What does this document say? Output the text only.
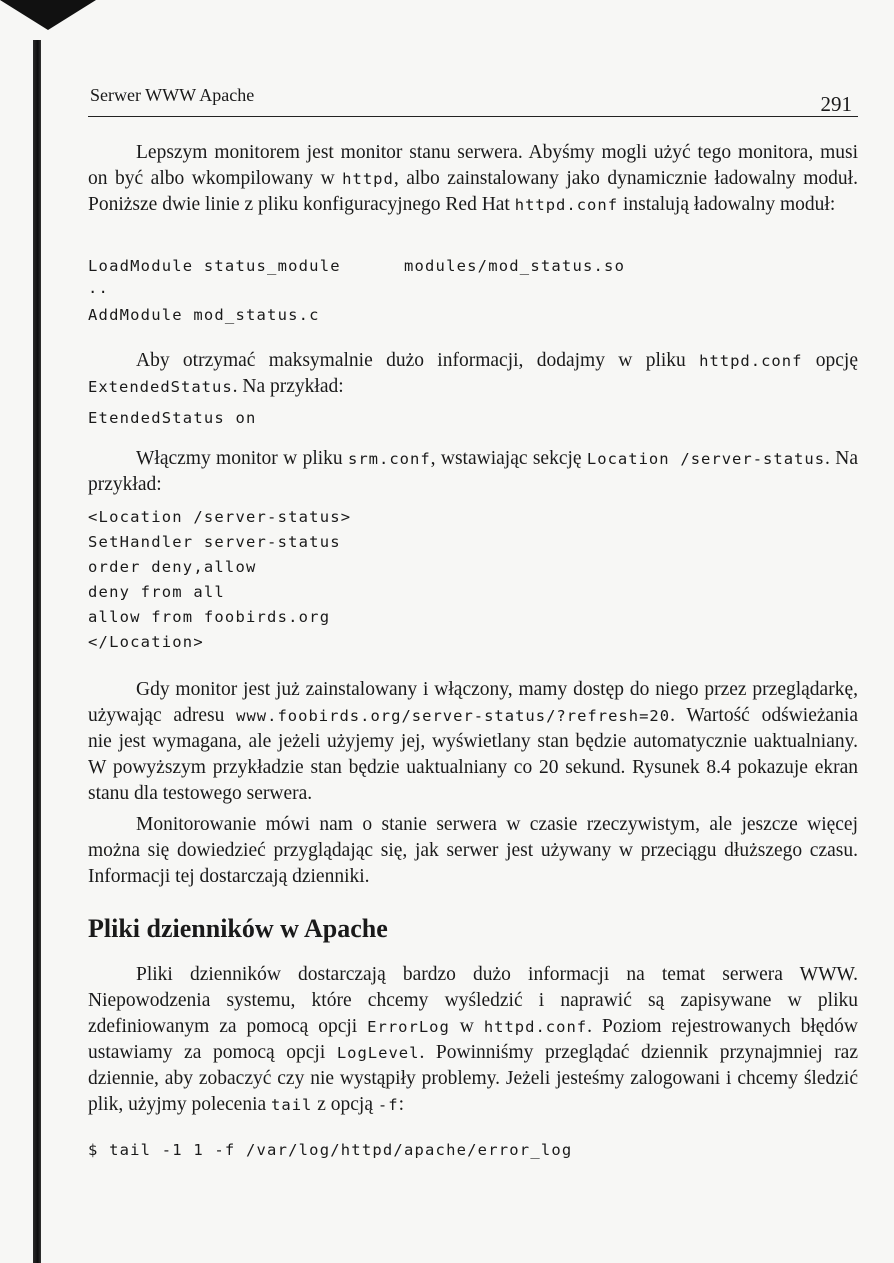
Serwer WWW Apache	291

Lepszym monitorem jest monitor stanu serwera. Abyśmy mogli użyć tego monitora, musi on być albo wkompilowany w httpd, albo zainstalowany jako dynamicznie ładowalny moduł. Poniższe dwie linie z pliku konfiguracyjnego Red Hat httpd.conf instalują ładowalny moduł:

LoadModule status_module      modules/mod_status.so
..
AddModule mod_status.c

Aby otrzymać maksymalnie dużo informacji, dodajmy w pliku httpd.conf opcję ExtendedStatus. Na przykład:

EtendedStatus on

Włączmy monitor w pliku srm.conf, wstawiając sekcję Location /server-status. Na przykład:

<Location /server-status>
SetHandler server-status
order deny,allow
deny from all
allow from foobirds.org
</Location>

Gdy monitor jest już zainstalowany i włączony, mamy dostęp do niego przez przeglądarkę, używając adresu www.foobirds.org/server-status/?refresh=20. Wartość odświeżania nie jest wymagana, ale jeżeli użyjemy jej, wyświetlany stan będzie automatycznie uaktualniany. W powyższym przykładzie stan będzie uaktualniany co 20 sekund. Rysunek 8.4 pokazuje ekran stanu dla testowego serwera.

Monitorowanie mówi nam o stanie serwera w czasie rzeczywistym, ale jeszcze więcej można się dowiedzieć przyglądając się, jak serwer jest używany w przeciągu dłuższego czasu. Informacji tej dostarczają dzienniki.

Pliki dzienników w Apache

Pliki dzienników dostarczają bardzo dużo informacji na temat serwera WWW. Niepowodzenia systemu, które chcemy wyśledzić i naprawić są zapisywane w pliku zdefiniowanym za pomocą opcji ErrorLog w httpd.conf. Poziom rejestrowanych błędów ustawiamy za pomocą opcji LogLevel. Powinniśmy przeglądać dziennik przynajmniej raz dziennie, aby zobaczyć czy nie wystąpiły problemy. Jeżeli jesteśmy zalogowani i chcemy śledzić plik, użyjmy polecenia tail z opcją -f:

$ tail -1 1 -f /var/log/httpd/apache/error_log
